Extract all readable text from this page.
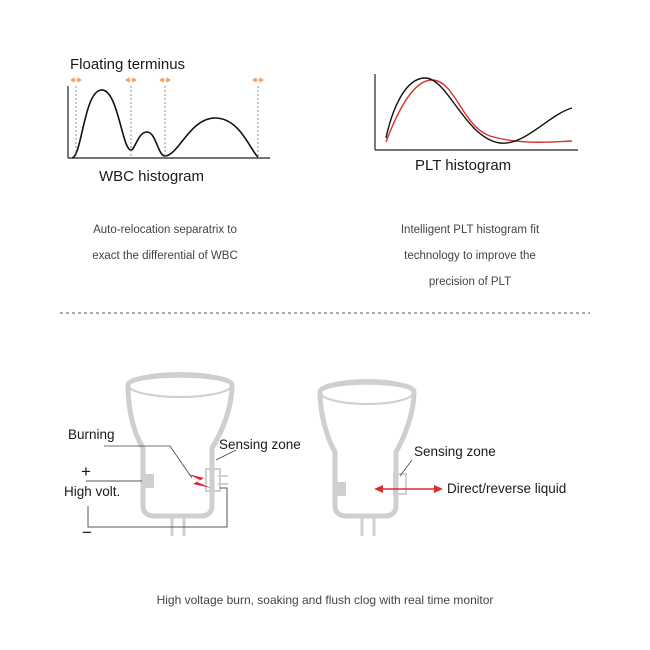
Floating terminus
WBC histogram
PLT histogram
Auto-relocation separatrix to
exact the differential of WBC
Intelligent PLT histogram fit
technology to improve the
precision of PLT
Burning
Sensing zone
+
High volt.
−
Sensing zone
Direct/reverse liquid
High voltage burn, soaking and flush clog with real time monitor
